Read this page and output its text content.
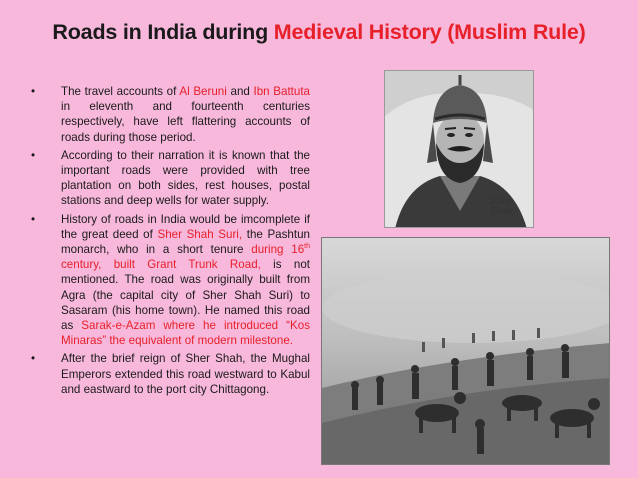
Roads in India during Medieval History (Muslim Rule)
• The travel accounts of Al Beruni and Ibn Battuta in eleventh and fourteenth centuries respectively, have left flattering accounts of roads during those period.
• According to their narration it is known that the important roads were provided with tree plantation on both sides, rest houses, postal stations and deep wells for water supply.
• History of roads in India would be imcomplete if the great deed of Sher Shah Suri, the Pashtun monarch, who in a short tenure during 16th century, built Grant Trunk Road, is not mentioned. The road was originally built from Agra (the capital city of Sher Shah Suri) to Sasaram (his home town). He named this road as Sarak-e-Azam where he introduced “Kos Minaras” the equivalent of modern milestone.
• After the brief reign of Sher Shah, the Mughal Emperors extended this road westward to Kabul and eastward to the port city Chittagong.
Sher Shah
